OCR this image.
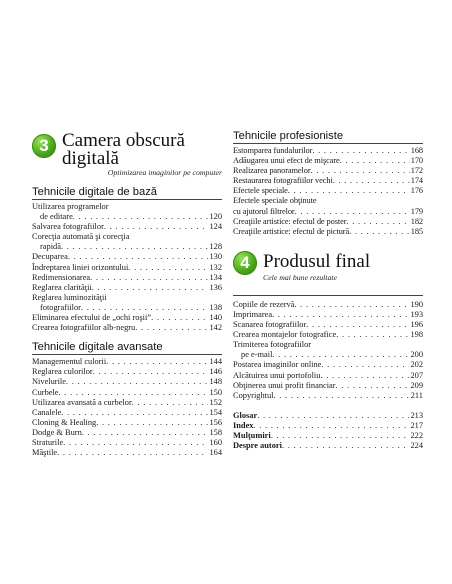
3 Camera obscură
digitală
Optimizarea imaginilor pe computer
Tehnicile digitale de bază
Utilizarea programelor
de editare . . .	120
Salvarea fotografiilor . . .	124
Corecţia automată şi corecţia
rapidă . . .	128
Decuparea . . .	130
Îndreptarea liniei orizontului . . .	132
Redimensionarea . . .	134
Reglarea clarităţii . . .	136
Reglarea luminozităţii
fotografiilor . . .	138
Eliminarea efectului de „ochi roşii” . . .	140
Crearea fotografiilor alb-negru . . .	142
Tehnicile digitale avansate
Managementul culorii . . .	144
Reglarea culorilor . . .	146
Nivelurile . . .	148
Curbele . . .	150
Utilizarea avansată a curbelor . . .	152
Canalele . . .	154
Cloning & Healing . . .	156
Dodge & Burn . . .	158
Straturile . . .	160
Măştile . . .	164
Tehnicile profesioniste
Estomparea fundalurilor . . .	168
Adăugarea unui efect de mişcare . . .	170
Realizarea panoramelor . . .	172
Restaurarea fotografiilor vechi . . .	174
Efectele speciale . . .	176
Efectele speciale obţinute
cu ajutorul filtrelor . . .	179
Creaţiile artistice: efectul de poster . . .	182
Creaţiile artistice: efectul de pictură . . .	185
4 Produsul final
Cele mai bune rezultate
Copiile de rezervă . . .	190
Imprimarea . . .	193
Scanarea fotografiilor . . .	196
Crearea montajelor fotografice . . .	198
Trimiterea fotografiilor
pe e-mail . . .	200
Postarea imaginilor online . . .	202
Alcătuirea unui portofoliu . . .	207
Obţinerea unui profit financiar . . .	209
Copyrightul . . .	211
Glosar . . .	213
Index . . .	217
Mulţumiri . . .	222
Despre autori . . .	224
